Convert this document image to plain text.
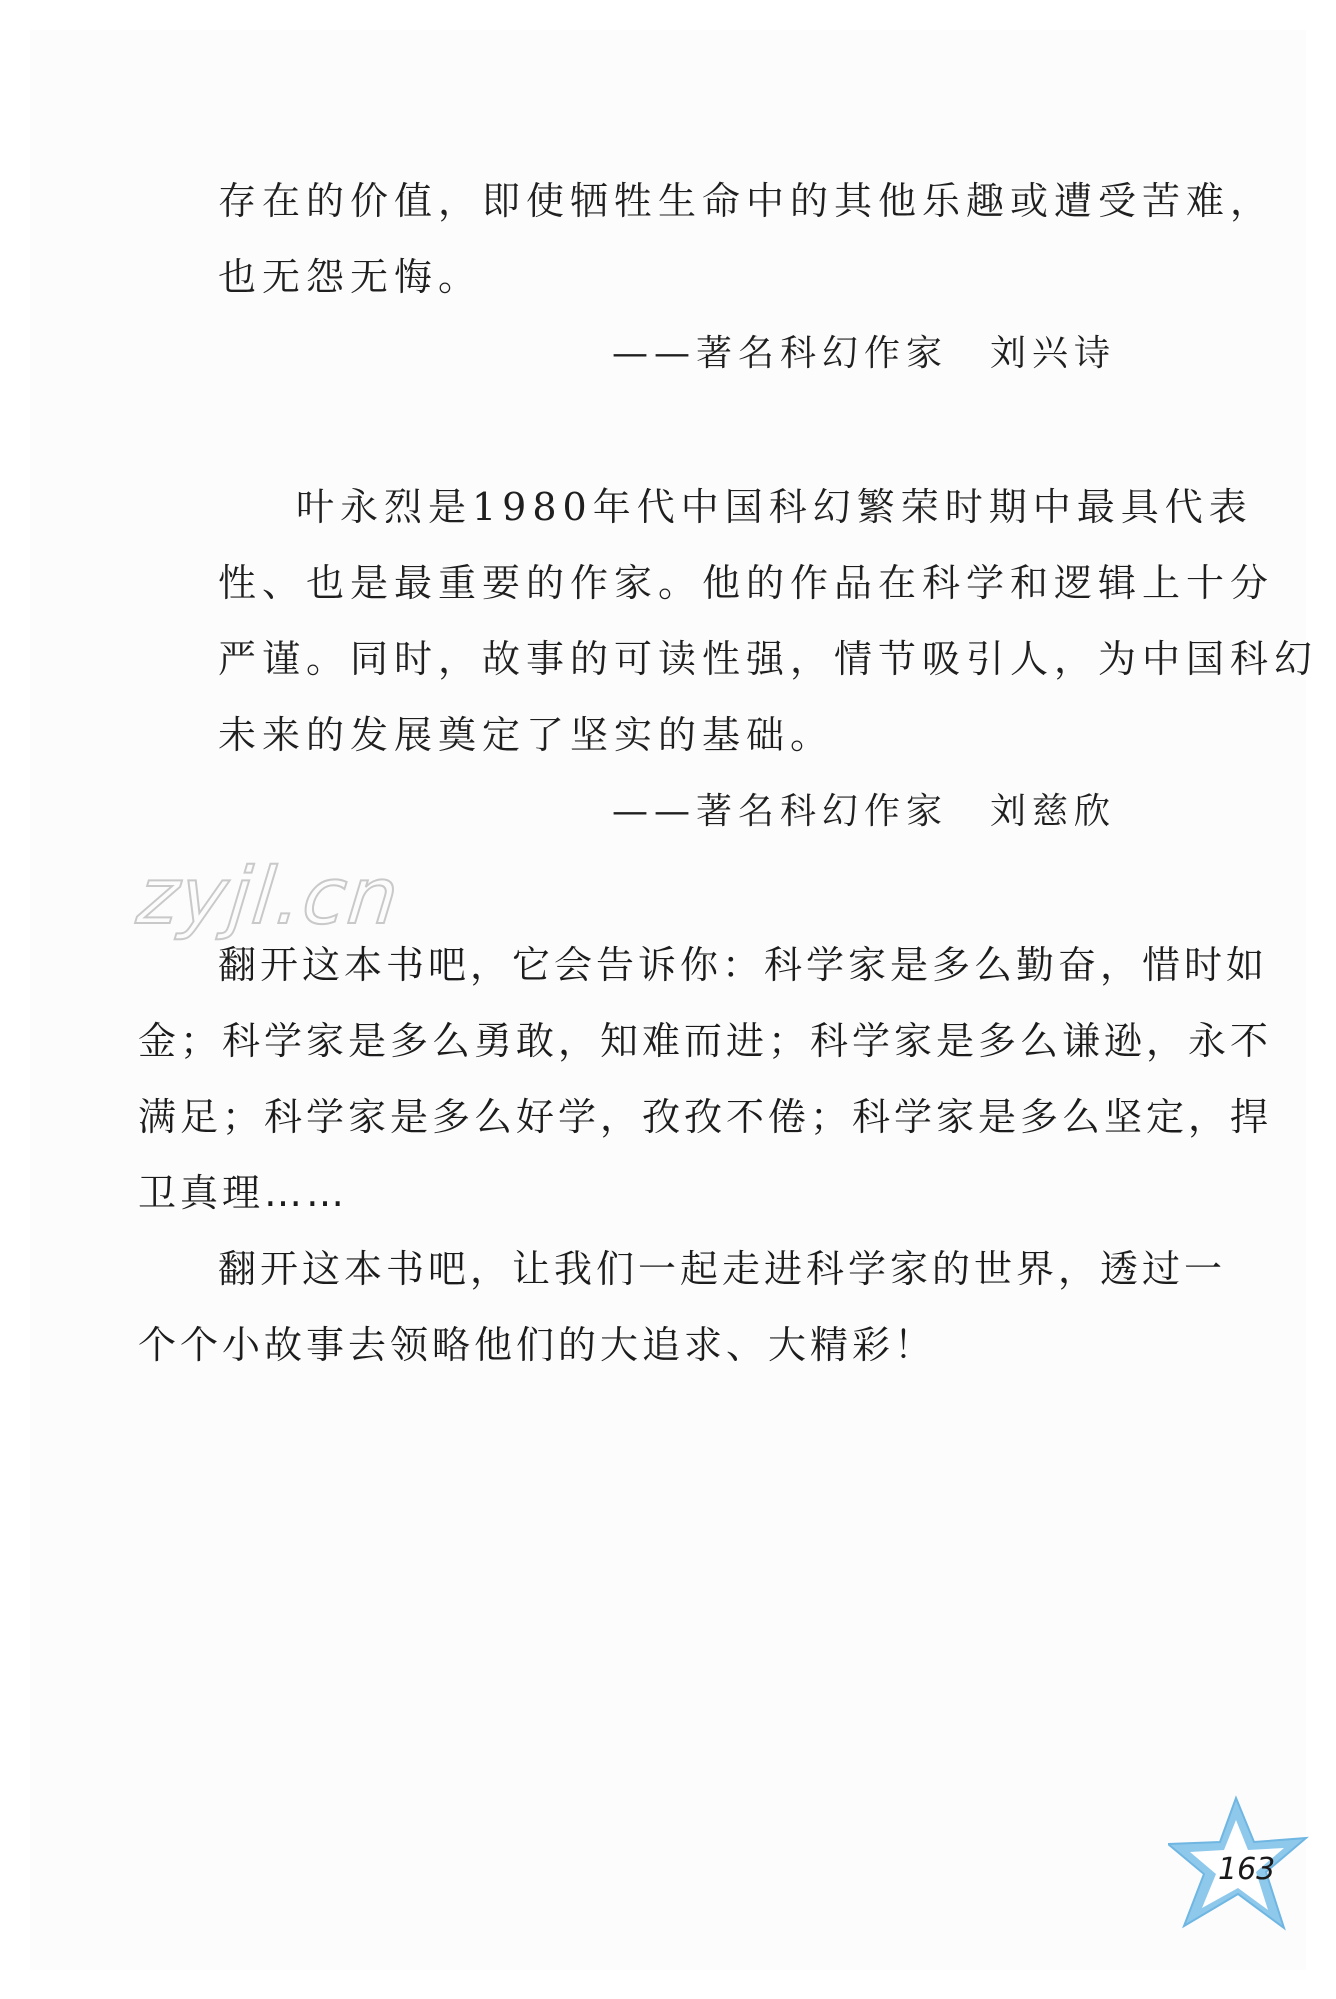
存在的价值，即使牺牲生命中的其他乐趣或遭受苦难，
也无怨无悔。
——著名科幻作家　刘兴诗
叶永烈是1980年代中国科幻繁荣时期中最具代表
性、也是最重要的作家。他的作品在科学和逻辑上十分
严谨。同时，故事的可读性强，情节吸引人，为中国科幻
未来的发展奠定了坚实的基础。
——著名科幻作家　刘慈欣
zyjl.cn
翻开这本书吧，它会告诉你：科学家是多么勤奋，惜时如
金；科学家是多么勇敢，知难而进；科学家是多么谦逊，永不
满足；科学家是多么好学，孜孜不倦；科学家是多么坚定，捍
卫真理……
翻开这本书吧，让我们一起走进科学家的世界，透过一
个个小故事去领略他们的大追求、大精彩！
163
